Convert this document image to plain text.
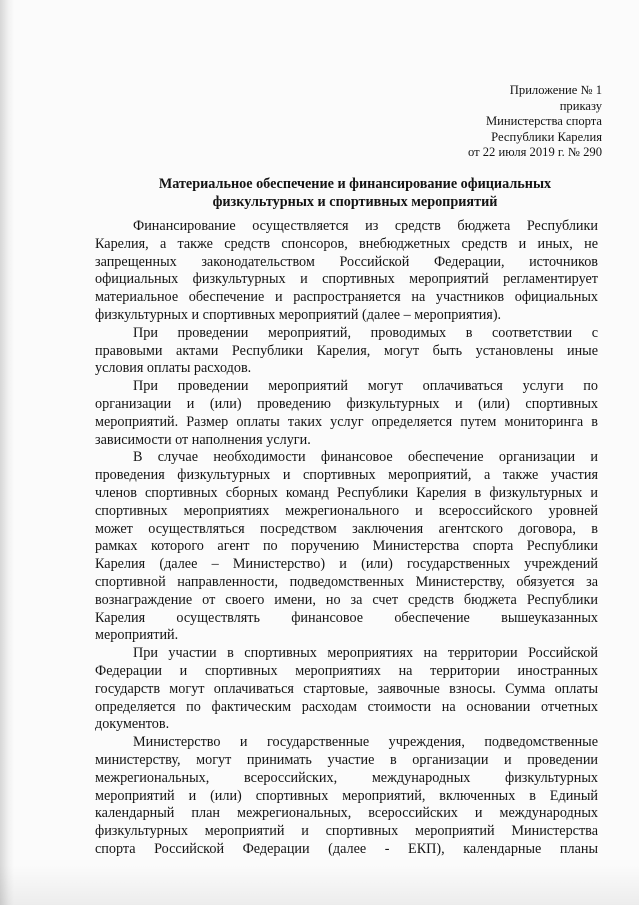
Приложение № 1
приказу
Министерства спорта
Республики Карелия
от 22 июля 2019 г. № 290
Материальное обеспечение и финансирование официальных
физкультурных и спортивных мероприятий
Финансирование осуществляется из средств бюджета Республики
Карелия, а также средств спонсоров, внебюджетных средств и иных, не
запрещенных законодательством Российской Федерации, источников
официальных физкультурных и спортивных мероприятий регламентирует
материальное обеспечение и распространяется на участников официальных
физкультурных и спортивных мероприятий (далее – мероприятия).
При проведении мероприятий, проводимых в соответствии с
правовыми актами Республики Карелия, могут быть установлены иные
условия оплаты расходов.
При проведении мероприятий могут оплачиваться услуги по
организации и (или) проведению физкультурных и (или) спортивных
мероприятий. Размер оплаты таких услуг определяется путем мониторинга в
зависимости от наполнения услуги.
В случае необходимости финансовое обеспечение организации и
проведения физкультурных и спортивных мероприятий, а также участия
членов спортивных сборных команд Республики Карелия в физкультурных и
спортивных мероприятиях межрегионального и всероссийского уровней
может осуществляться посредством заключения агентского договора, в
рамках которого агент по поручению Министерства спорта Республики
Карелия (далее – Министерство) и (или) государственных учреждений
спортивной направленности, подведомственных Министерству, обязуется за
вознаграждение от своего имени, но за счет средств бюджета Республики
Карелия осуществлять финансовое обеспечение вышеуказанных
мероприятий.
При участии в спортивных мероприятиях на территории Российской
Федерации и спортивных мероприятиях на территории иностранных
государств могут оплачиваться стартовые, заявочные взносы. Сумма оплаты
определяется по фактическим расходам стоимости на основании отчетных
документов.
Министерство и государственные учреждения, подведомственные
министерству, могут принимать участие в организации и проведении
межрегиональных, всероссийских, международных физкультурных
мероприятий и (или) спортивных мероприятий, включенных в Единый
календарный план межрегиональных, всероссийских и международных
физкультурных мероприятий и спортивных мероприятий Министерства
спорта Российской Федерации (далее - ЕКП), календарные планы
